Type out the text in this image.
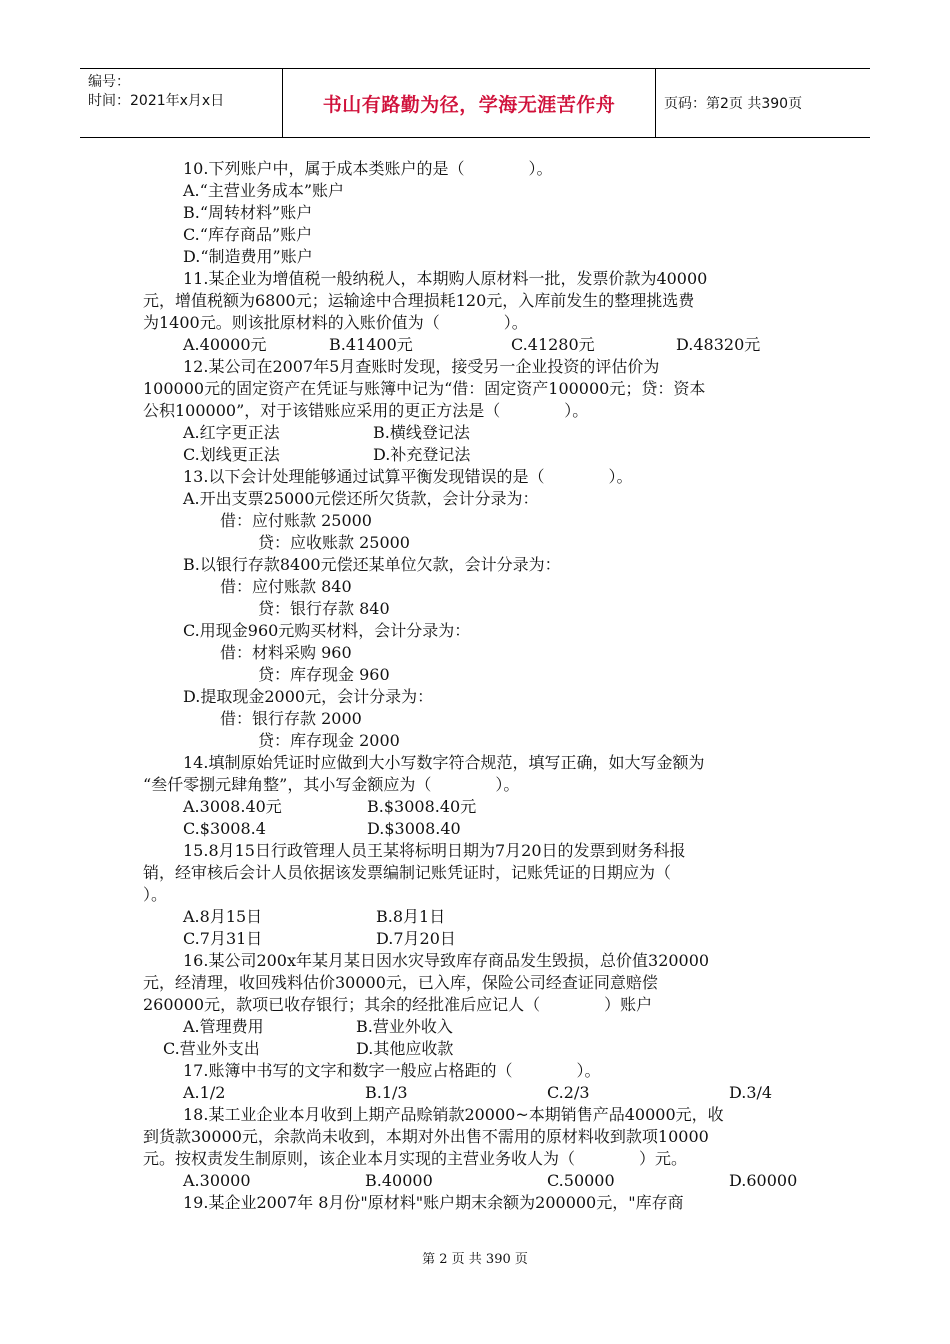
编号：
时间：2021年x月x日	书山有路勤为径，学海无涯苦作舟	页码：第2页 共390页
10.下列账户中，属于成本类账户的是（　　　　）。
A.“主营业务成本”账户
B.“周转材料”账户
C.“库存商品”账户
D.“制造费用”账户
11.某企业为增值税一般纳税人，本期购人原材料一批，发票价款为40000
元，增值税额为6800元；运输途中合理损耗120元，入库前发生的整理挑选费
为1400元。则该批原材料的入账价值为（　　　　）。
A.40000元	B.41400元	C.41280元	D.48320元
12.某公司在2007年5月查账时发现，接受另一企业投资的评估价为
100000元的固定资产在凭证与账簿中记为“借：固定资产100000元；贷：资本
公积100000”，对于该错账应采用的更正方法是（　　　　）。
A.红字更正法	B.横线登记法
C.划线更正法	D.补充登记法
13.以下会计处理能够通过试算平衡发现错误的是（　　　　）。
A.开出支票25000元偿还所欠货款，会计分录为：
借：应付账款 25000
贷：应收账款 25000
B.以银行存款8400元偿还某单位欠款，会计分录为：
借：应付账款 840
贷：银行存款 840
C.用现金960元购买材料，会计分录为：
借：材料采购 960
贷：库存现金 960
D.提取现金2000元，会计分录为：
借：银行存款 2000
贷：库存现金 2000
14.填制原始凭证时应做到大小写数字符合规范，填写正确，如大写金额为
“叁仟零捌元肆角整”，其小写金额应为（　　　　）。
A.3008.40元	B.$3008.40元
C.$3008.4	D.$3008.40
15.8月15日行政管理人员王某将标明日期为7月20日的发票到财务科报
销，经审核后会计人员依据该发票编制记账凭证时，记账凭证的日期应为（
）。
A.8月15日	B.8月1日
C.7月31日	D.7月20日
16.某公司200x年某月某日因水灾导致库存商品发生毁损，总价值320000
元，经清理，收回残料估价30000元，已入库，保险公司经查证同意赔偿
260000元，款项已收存银行；其余的经批准后应记人（　　　　）账户
A.管理费用	B.营业外收入
C.营业外支出	D.其他应收款
17.账簿中书写的文字和数字一般应占格距的（　　　　）。
A.1/2	B.1/3	C.2/3	D.3/4
18.某工业企业本月收到上期产品赊销款20000~本期销售产品40000元，收
到货款30000元，余款尚未收到，本期对外出售不需用的原材料收到款项10000
元。按权责发生制原则，该企业本月实现的主营业务收人为（　　　　）元。
A.30000	B.40000	C.50000	D.60000
19.某企业2007年 8月份"原材料"账户期末余额为200000元，"库存商
第 2 页 共 390 页
